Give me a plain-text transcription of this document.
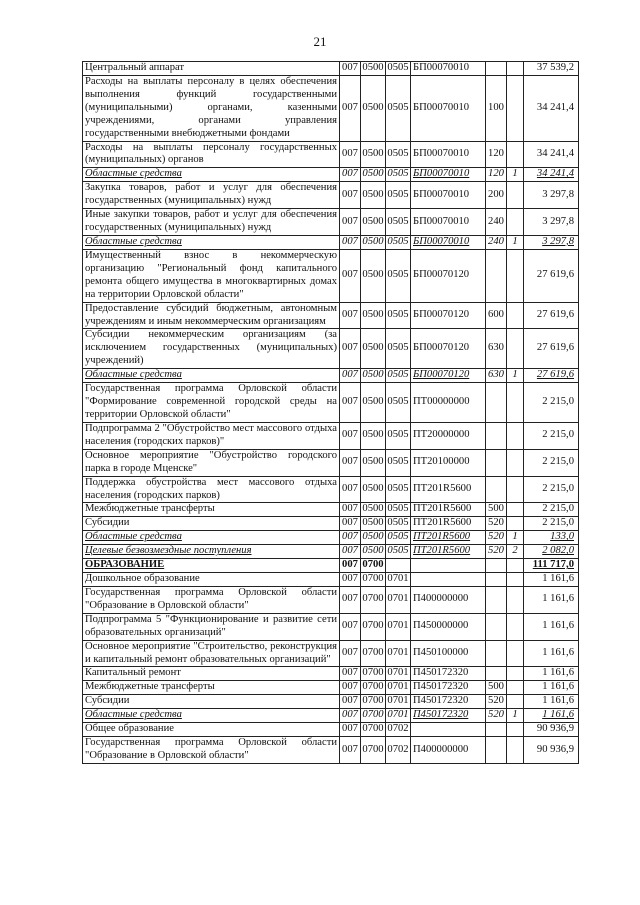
21
Центральный аппарат	007	0500	0505	БП00070010			37 539,2
Расходы на выплаты персоналу в целях обеспечения выполнения функций государственными (муниципальными) органами, казенными учреждениями, органами управления государственными внебюджетными фондами	007	0500	0505	БП00070010	100		34 241,4
Расходы на выплаты персоналу государственных (муниципальных) органов	007	0500	0505	БП00070010	120		34 241,4
Областные средства	007	0500	0505	БП00070010	120	1	34 241,4
Закупка товаров, работ и услуг для обеспечения государственных (муниципальных) нужд	007	0500	0505	БП00070010	200		3 297,8
Иные закупки товаров, работ и услуг для обеспечения государственных (муниципальных) нужд	007	0500	0505	БП00070010	240		3 297,8
Областные средства	007	0500	0505	БП00070010	240	1	3 297,8
Имущественный взнос в некоммерческую организацию "Региональный фонд капитального ремонта общего имущества в многоквартирных домах на территории Орловской области"	007	0500	0505	БП00070120			27 619,6
Предоставление субсидий бюджетным, автономным учреждениям и иным некоммерческим организациям	007	0500	0505	БП00070120	600		27 619,6
Субсидии некоммерческим организациям (за исключением государственных (муниципальных) учреждений)	007	0500	0505	БП00070120	630		27 619,6
Областные средства	007	0500	0505	БП00070120	630	1	27 619,6
Государственная программа Орловской области "Формирование современной городской среды на территории Орловской области"	007	0500	0505	ПТ00000000			2 215,0
Подпрограмма 2 "Обустройство мест массового отдыха населения (городских парков)"	007	0500	0505	ПТ20000000			2 215,0
Основное мероприятие "Обустройство городского парка в городе Мценске"	007	0500	0505	ПТ20100000			2 215,0
Поддержка обустройства мест массового отдыха населения (городских парков)	007	0500	0505	ПТ201R5600			2 215,0
Межбюджетные трансферты	007	0500	0505	ПТ201R5600	500		2 215,0
Субсидии	007	0500	0505	ПТ201R5600	520		2 215,0
Областные средства	007	0500	0505	ПТ201R5600	520	1	133,0
Целевые безвозмездные поступления	007	0500	0505	ПТ201R5600	520	2	2 082,0
ОБРАЗОВАНИЕ	007	0700					111 717,0
Дошкольное образование	007	0700	0701				1 161,6
Государственная программа Орловской области "Образование в Орловской области"	007	0700	0701	П400000000			1 161,6
Подпрограмма 5 "Функционирование и развитие сети образовательных организаций"	007	0700	0701	П450000000			1 161,6
Основное мероприятие "Строительство, реконструкция и капитальный ремонт образовательных организаций"	007	0700	0701	П450100000			1 161,6
Капитальный ремонт	007	0700	0701	П450172320			1 161,6
Межбюджетные трансферты	007	0700	0701	П450172320	500		1 161,6
Субсидии	007	0700	0701	П450172320	520		1 161,6
Областные средства	007	0700	0701	П450172320	520	1	1 161,6
Общее образование	007	0700	0702				90 936,9
Государственная программа Орловской области "Образование в Орловской области"	007	0700	0702	П400000000			90 936,9
